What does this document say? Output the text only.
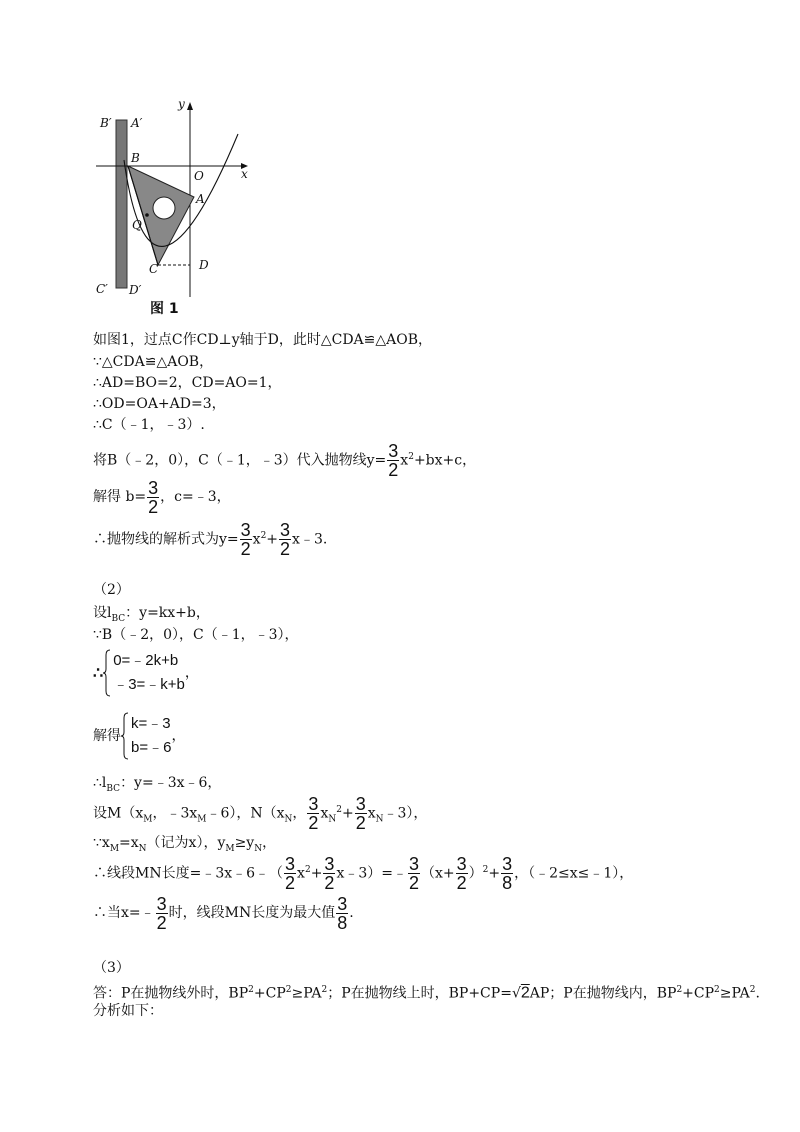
B′ A′
y
B
O	x
A
Q
C	D
C′ D′
图 1
如图1，过点C作CD⊥y轴于D，此时△CDA≌△AOB，
∵△CDA≌△AOB，
∴AD=BO=2，CD=AO=1，
∴OD=OA+AD=3，
∴C（﹣1，﹣3）.
将B（﹣2，0），C（﹣1，﹣3）代入抛物线$y= \frac{3}{2} x^2+bx+c$，
解得 $b= \frac{3}{2}$ ，c=﹣3，
∴抛物线的解析式为$y= \frac{3}{2} x^2+ \frac{3}{2}$ x﹣3.
（2）
设$l_{BC}$：y=kx+b，
∵B（﹣2，0），C（﹣1，﹣3），
∴
0=﹣2k+b
﹣3=﹣k+b
，
解得
k=﹣3
b=﹣6
，
$\therefore l_{BC}$：y=﹣3x﹣6，
设$M(x_M$，$﹣3x_M﹣6$），$N(x_N$， $\frac{3}{2} x_N^2+ \frac{3}{2}$ $x_N﹣3$），
$\because x_M=x_N$（记为x），$y_M\ge y_N$，
∴线段MN长度=﹣3x﹣6﹣（ $\frac{3}{2} x^2+ \frac{3}{2}$ x﹣3）=﹣ $\frac{3}{2} (x+ \frac{3}{2} )^2+ \frac{3}{8}$ ，（﹣2≤x≤﹣1），
∴当x=﹣ $\frac{3}{2}$ 时，线段MN长度为最大值 $\frac{3}{8}$ .
（3）
答：P在抛物线外时，$BP^2+CP^2\ge PA^2$；P在抛物线上时，BP+CP=√2AP；P在抛物线内，$BP^2+CP^2\ge PA^2$.
分析如下：
